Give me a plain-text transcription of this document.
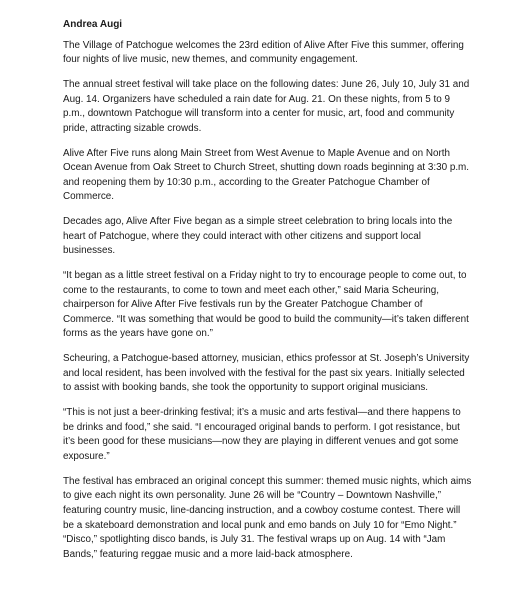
Andrea Augi

The Village of Patchogue welcomes the 23rd edition of Alive After Five this summer, offering four nights of live music, new themes, and community engagement.

The annual street festival will take place on the following dates: June 26, July 10, July 31 and Aug. 14. Organizers have scheduled a rain date for Aug. 21. On these nights, from 5 to 9 p.m., downtown Patchogue will transform into a center for music, art, food and community pride, attracting sizable crowds.

Alive After Five runs along Main Street from West Avenue to Maple Avenue and on North Ocean Avenue from Oak Street to Church Street, shutting down roads beginning at 3:30 p.m. and reopening them by 10:30 p.m., according to the Greater Patchogue Chamber of Commerce.

Decades ago, Alive After Five began as a simple street celebration to bring locals into the heart of Patchogue, where they could interact with other citizens and support local businesses.

“It began as a little street festival on a Friday night to try to encourage people to come out, to come to the restaurants, to come to town and meet each other,” said Maria Scheuring, chairperson for Alive After Five festivals run by the Greater Patchogue Chamber of Commerce. “It was something that would be good to build the community—it’s taken different forms as the years have gone on.”

Scheuring, a Patchogue-based attorney, musician, ethics professor at St. Joseph’s University and local resident, has been involved with the festival for the past six years. Initially selected to assist with booking bands, she took the opportunity to support original musicians.

“This is not just a beer-drinking festival; it’s a music and arts festival—and there happens to be drinks and food,” she said. “I encouraged original bands to perform. I got resistance, but it’s been good for these musicians—now they are playing in different venues and got some exposure.”

The festival has embraced an original concept this summer: themed music nights, which aims to give each night its own personality. June 26 will be “Country – Downtown Nashville,” featuring country music, line-dancing instruction, and a cowboy costume contest. There will be a skateboard demonstration and local punk and emo bands on July 10 for “Emo Night.” “Disco,” spotlighting disco bands, is July 31. The festival wraps up on Aug. 14 with “Jam Bands,” featuring reggae music and a more laid-back atmosphere.
